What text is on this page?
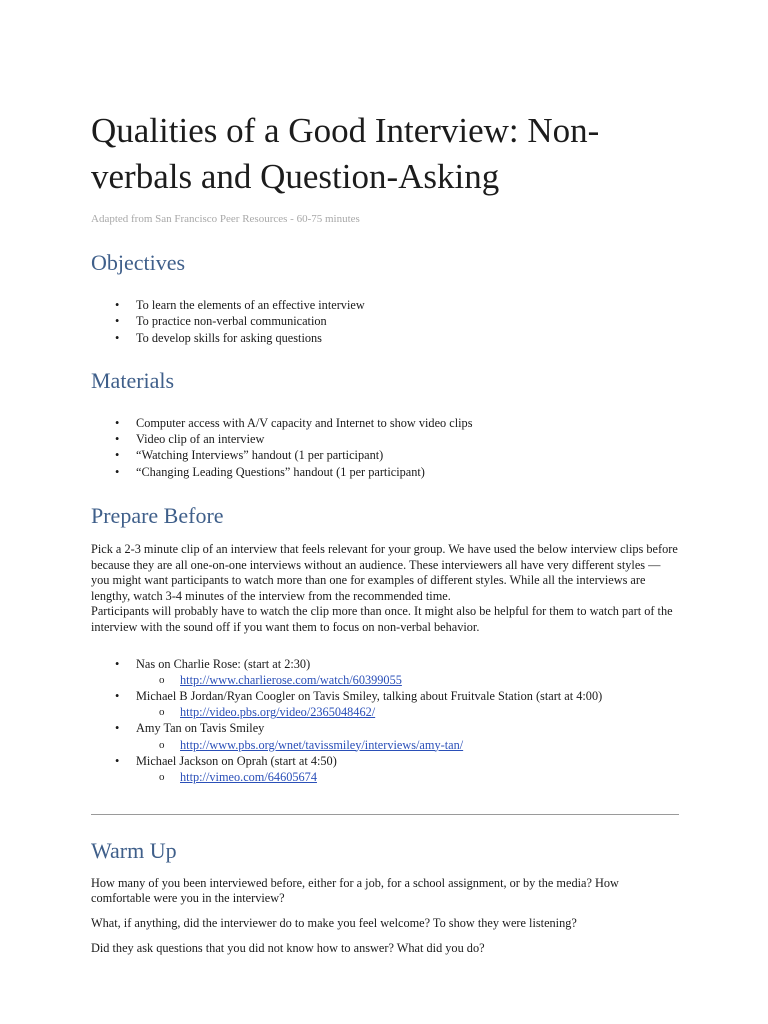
Qualities of a Good Interview: Non-verbals and Question-Asking
Adapted from San Francisco Peer Resources - 60-75 minutes
Objectives
• To learn the elements of an effective interview
• To practice non-verbal communication
• To develop skills for asking questions
Materials
• Computer access with A/V capacity and Internet to show video clips
• Video clip of an interview
• “Watching Interviews” handout (1 per participant)
• “Changing Leading Questions” handout (1 per participant)
Prepare Before

Pick a 2-3 minute clip of an interview that feels relevant for your group. We have used the below interview clips before because they are all one-on-one interviews without an audience. These interviewers all have very different styles ― you might want participants to watch more than one for examples of different styles. While all the interviews are lengthy, watch 3-4 minutes of the interview from the recommended time.

Participants will probably have to watch the clip more than once. It might also be helpful for them to watch part of the interview with the sound off if you want them to focus on non-verbal behavior.

• Nas on Charlie Rose: (start at 2:30)
o http://www.charlierose.com/watch/60399055
• Michael B Jordan/Ryan Coogler on Tavis Smiley, talking about Fruitvale Station (start at 4:00)
o http://video.pbs.org/video/2365048462/
• Amy Tan on Tavis Smiley
o http://www.pbs.org/wnet/tavissmiley/interviews/amy-tan/
• Michael Jackson on Oprah (start at 4:50)
o http://vimeo.com/64605674
Warm Up

How many of you been interviewed before, either for a job, for a school assignment, or by the media? How comfortable were you in the interview?

What, if anything, did the interviewer do to make you feel welcome? To show they were listening?

Did they ask questions that you did not know how to answer? What did you do?
